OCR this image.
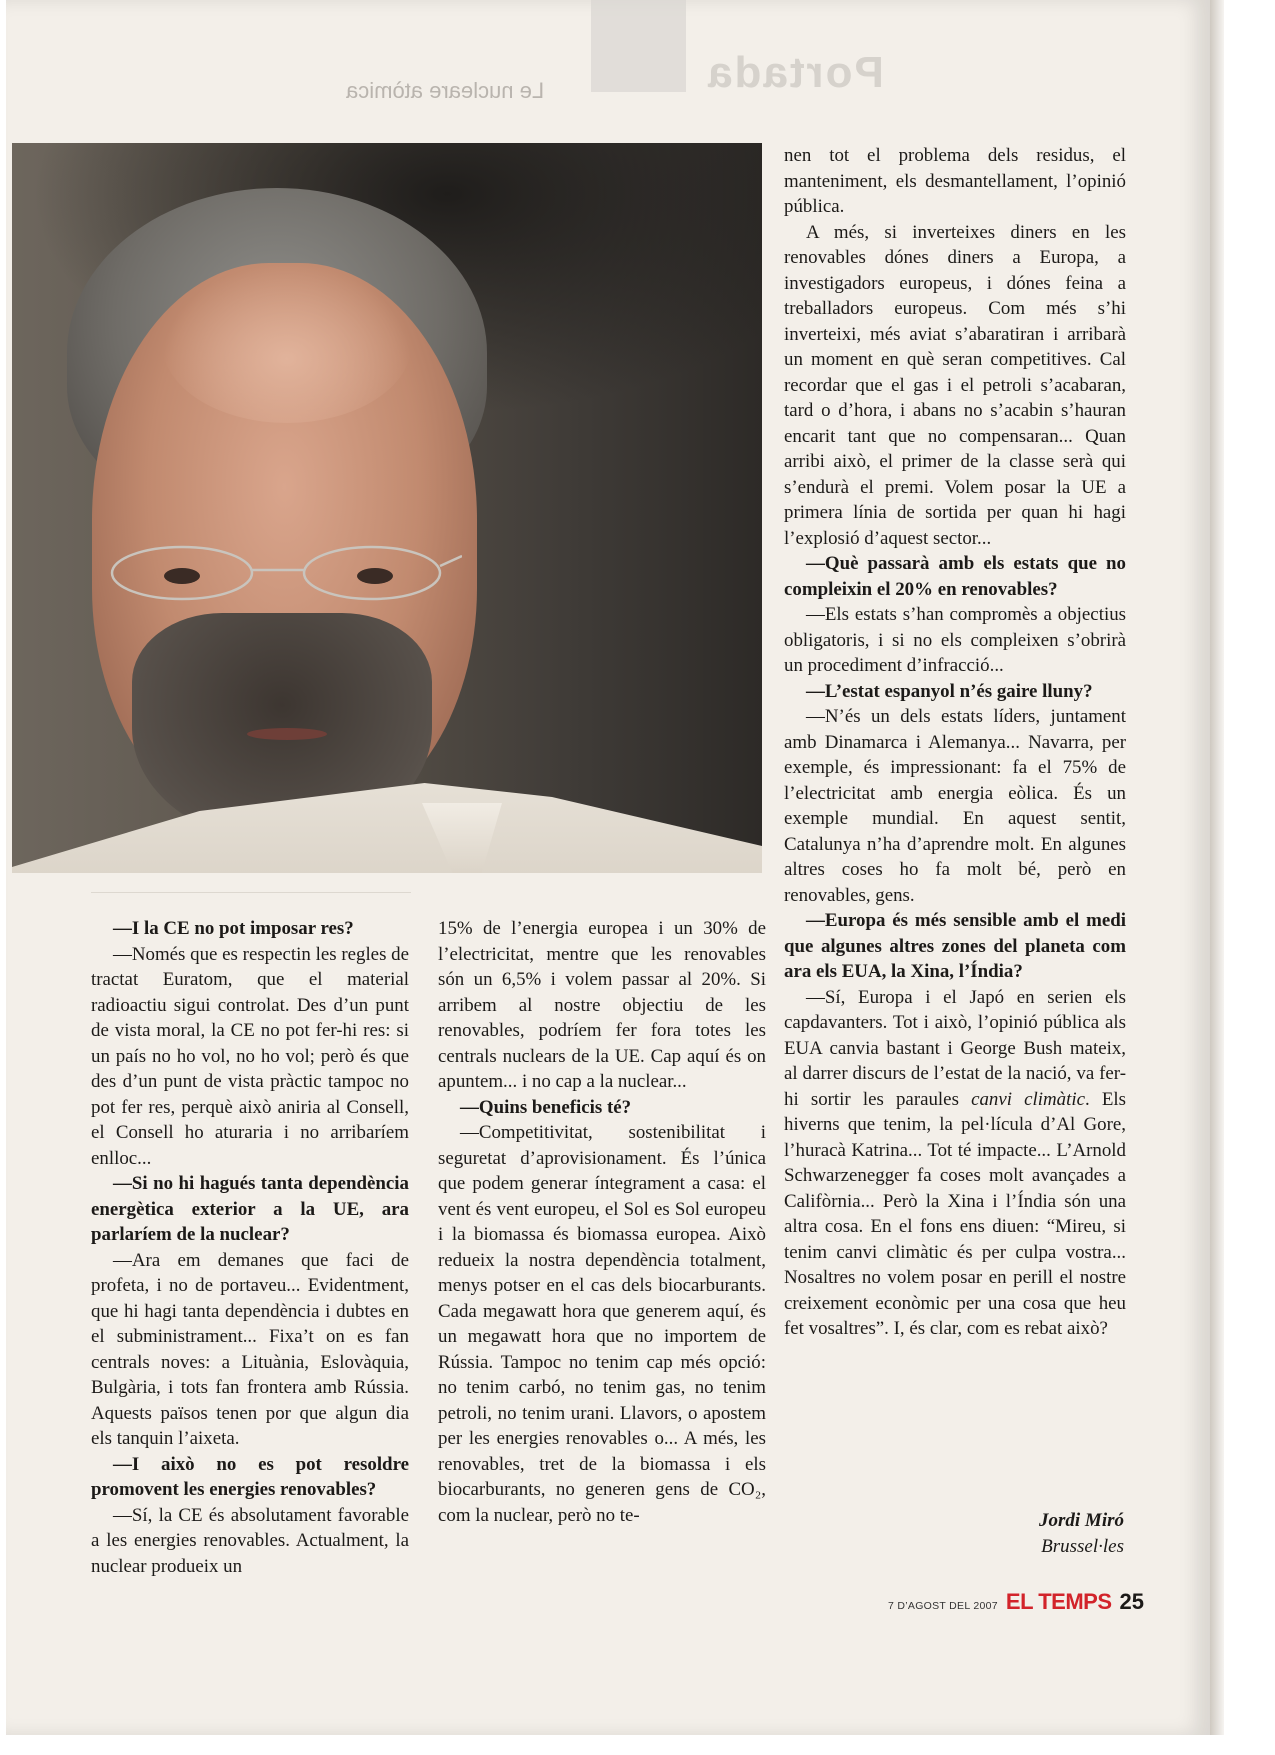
Portada
Le nucleare atòmica

—I la CE no pot imposar res?

—Només que es respectin les regles de tractat Euratom, que el material radioactiu sigui controlat. Des d’un punt de vista moral, la CE no pot fer-hi res: si un país no ho vol, no ho vol; però és que des d’un punt de vista pràctic tampoc no pot fer res, perquè això aniria al Consell, el Consell ho aturaria i no arribaríem enlloc...

—Si no hi hagués tanta dependència energètica exterior a la UE, ara parlaríem de la nuclear?

—Ara em demanes que faci de profeta, i no de portaveu... Evidentment, que hi hagi tanta dependència i dubtes en el subministrament... Fixa’t on es fan centrals noves: a Lituània, Eslovàquia, Bulgària, i tots fan frontera amb Rússia. Aquests països tenen por que algun dia els tanquin l’aixeta.

—I això no es pot resoldre promovent les energies renovables?

—Sí, la CE és absolutament favorable a les energies renovables. Actualment, la nuclear produeix un

15% de l’energia europea i un 30% de l’electricitat, mentre que les renovables són un 6,5% i volem passar al 20%. Si arribem al nostre objectiu de les renovables, podríem fer fora totes les centrals nuclears de la UE. Cap aquí és on apuntem... i no cap a la nuclear...

—Quins beneficis té?

—Competitivitat, sostenibilitat i seguretat d’aprovisionament. És l’única que podem generar íntegrament a casa: el vent és vent europeu, el Sol es Sol europeu i la biomassa és biomassa europea. Això redueix la nostra dependència totalment, menys potser en el cas dels biocarburants. Cada megawatt hora que generem aquí, és un megawatt hora que no importem de Rússia. Tampoc no tenim cap més opció: no tenim carbó, no tenim gas, no tenim petroli, no tenim urani. Llavors, o apostem per les energies renovables o... A més, les renovables, tret de la biomassa i els biocarburants, no generen gens de CO₂, com la nuclear, però no te-

nen tot el problema dels residus, el manteniment, els desmantellament, l’opinió pública.

A més, si inverteixes diners en les renovables dónes diners a Europa, a investigadors europeus, i dónes feina a treballadors europeus. Com més s’hi inverteixi, més aviat s’abaratiran i arribarà un moment en què seran competitives. Cal recordar que el gas i el petroli s’acabaran, tard o d’hora, i abans no s’acabin s’hauran encarit tant que no compensaran... Quan arribi això, el primer de la classe serà qui s’endurà el premi. Volem posar la UE a primera línia de sortida per quan hi hagi l’explosió d’aquest sector...

—Què passarà amb els estats que no compleixin el 20% en renovables?

—Els estats s’han compromès a objectius obligatoris, i si no els compleixen s’obrirà un procediment d’infracció...

—L’estat espanyol n’és gaire lluny?

—N’és un dels estats líders, juntament amb Dinamarca i Alemanya... Navarra, per exemple, és impressionant: fa el 75% de l’electricitat amb energia eòlica. És un exemple mundial. En aquest sentit, Catalunya n’ha d’aprendre molt. En algunes altres coses ho fa molt bé, però en renovables, gens.

—Europa és més sensible amb el medi que algunes altres zones del planeta com ara els EUA, la Xina, l’Índia?

—Sí, Europa i el Japó en serien els capdavanters. Tot i això, l’opinió pública als EUA canvia bastant i George Bush mateix, al darrer discurs de l’estat de la nació, va fer-hi sortir les paraules canvi climàtic. Els hiverns que tenim, la pel·lícula d’Al Gore, l’huracà Katrina... Tot té impacte... L’Arnold Schwarzenegger fa coses molt avançades a Califòrnia... Però la Xina i l’Índia són una altra cosa. En el fons ens diuen: “Mireu, si tenim canvi climàtic és per culpa vostra... Nosaltres no volem posar en perill el nostre creixement econòmic per una cosa que heu fet vosaltres”. I, és clar, com es rebat això?

Jordi Miró
Brussel·les
7 D’AGOST DEL 2007 EL TEMPS 25
